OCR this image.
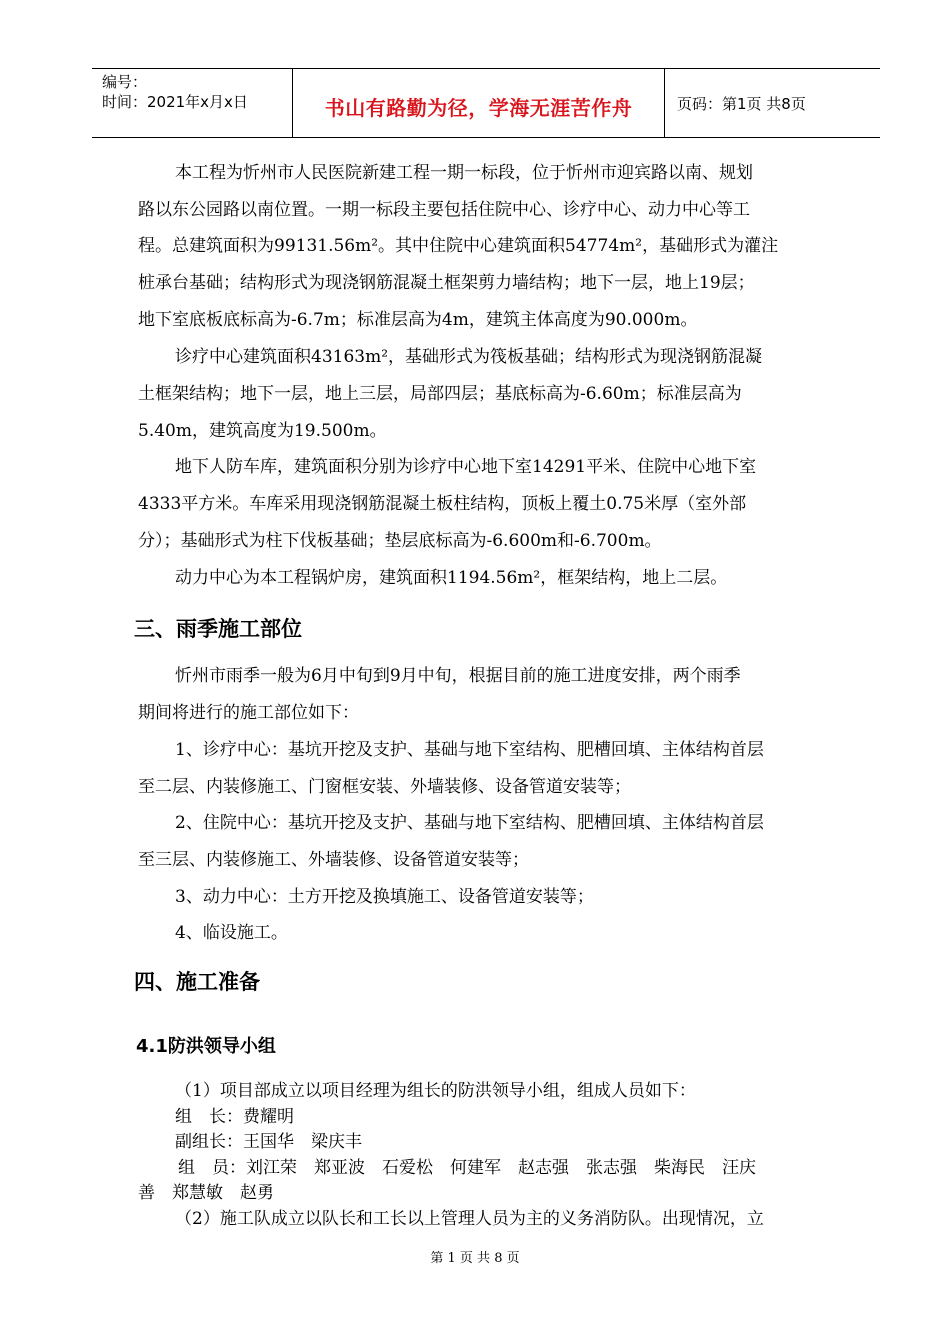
编号：
时间：2021年x月x日	书山有路勤为径，学海无涯苦作舟	页码：第1页 共8页
本工程为忻州市人民医院新建工程一期一标段，位于忻州市迎宾路以南、规划
路以东公园路以南位置。一期一标段主要包括住院中心、诊疗中心、动力中心等工
程。总建筑面积为99131.56m²。其中住院中心建筑面积54774m²，基础形式为灌注
桩承台基础；结构形式为现浇钢筋混凝土框架剪力墙结构；地下一层，地上19层；
地下室底板底标高为-6.7m；标准层高为4m，建筑主体高度为90.000m。
诊疗中心建筑面积43163m²，基础形式为筏板基础；结构形式为现浇钢筋混凝
土框架结构；地下一层，地上三层，局部四层；基底标高为-6.60m；标准层高为
5.40m，建筑高度为19.500m。
地下人防车库，建筑面积分别为诊疗中心地下室14291平米、住院中心地下室
4333平方米。车库采用现浇钢筋混凝土板柱结构，顶板上覆土0.75米厚（室外部
分）；基础形式为柱下伐板基础；垫层底标高为-6.600m和-6.700m。
动力中心为本工程锅炉房，建筑面积1194.56m²，框架结构，地上二层。
三、雨季施工部位
忻州市雨季一般为6月中旬到9月中旬，根据目前的施工进度安排，两个雨季
期间将进行的施工部位如下：
1、诊疗中心：基坑开挖及支护、基础与地下室结构、肥槽回填、主体结构首层
至二层、内装修施工、门窗框安装、外墙装修、设备管道安装等；
2、住院中心：基坑开挖及支护、基础与地下室结构、肥槽回填、主体结构首层
至三层、内装修施工、外墙装修、设备管道安装等；
3、动力中心：土方开挖及换填施工、设备管道安装等；
4、临设施工。
四、施工准备
4.1防洪领导小组
（1）项目部成立以项目经理为组长的防洪领导小组，组成人员如下：
组　长：费耀明
副组长：王国华　梁庆丰
组　员：刘江荣　郑亚波　石爱松　何建军　赵志强　张志强　柴海民　汪庆
善　郑慧敏　赵勇
（2）施工队成立以队长和工长以上管理人员为主的义务消防队。出现情况，立
第 1 页 共 8 页
